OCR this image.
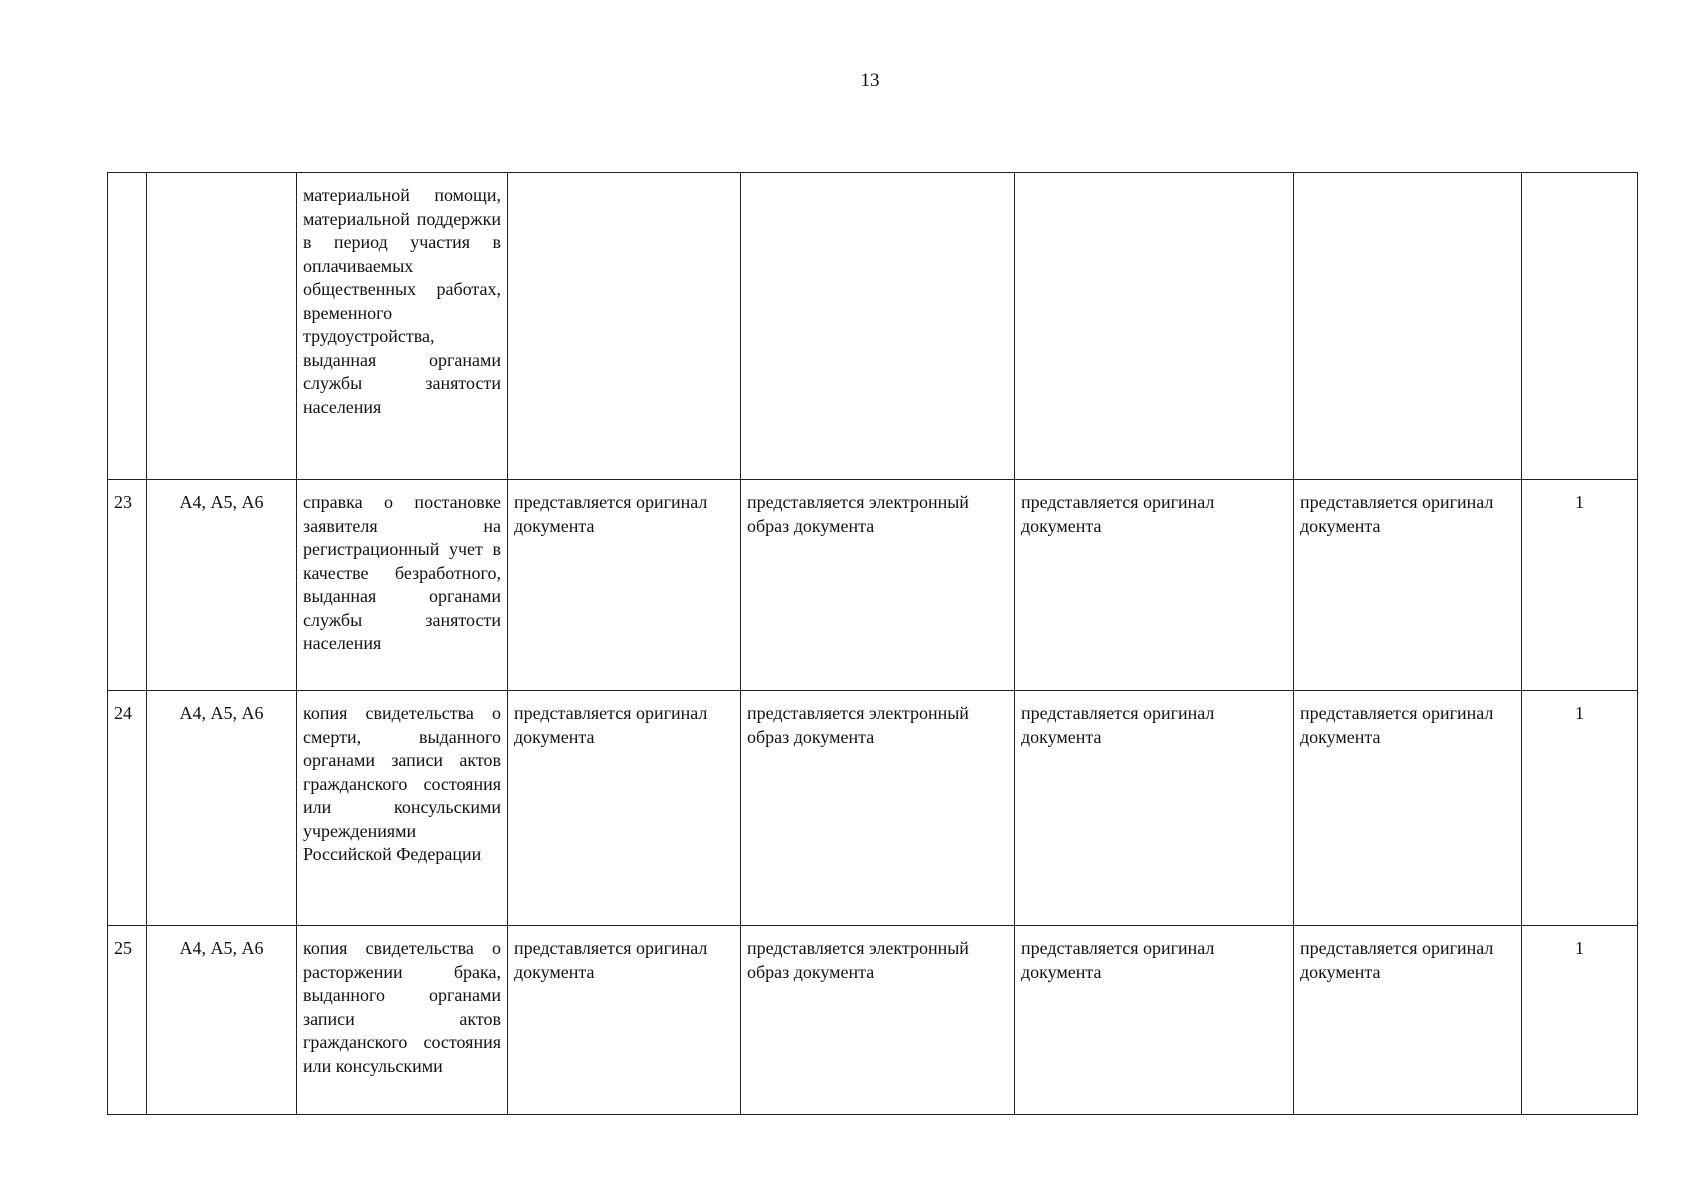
13
		материальной помощи, материальной поддержки в период участия в оплачиваемых общественных работах, временного трудоустройства, выданная органами службы занятости населения					
23	А4, А5, А6	справка о постановке заявителя на регистрационный учет в качестве безработного, выданная органами службы занятости населения	представляется оригинал документа	представляется электронный образ документа	представляется оригинал документа	представляется оригинал документа	1
24	А4, А5, А6	копия свидетельства о смерти, выданного органами записи актов гражданского состояния или консульскими учреждениями Российской Федерации	представляется оригинал документа	представляется электронный образ документа	представляется оригинал документа	представляется оригинал документа	1
25	А4, А5, А6	копия свидетельства о расторжении брака, выданного органами записи актов гражданского состояния или консульскими	представляется оригинал документа	представляется электронный образ документа	представляется оригинал документа	представляется оригинал документа	1
